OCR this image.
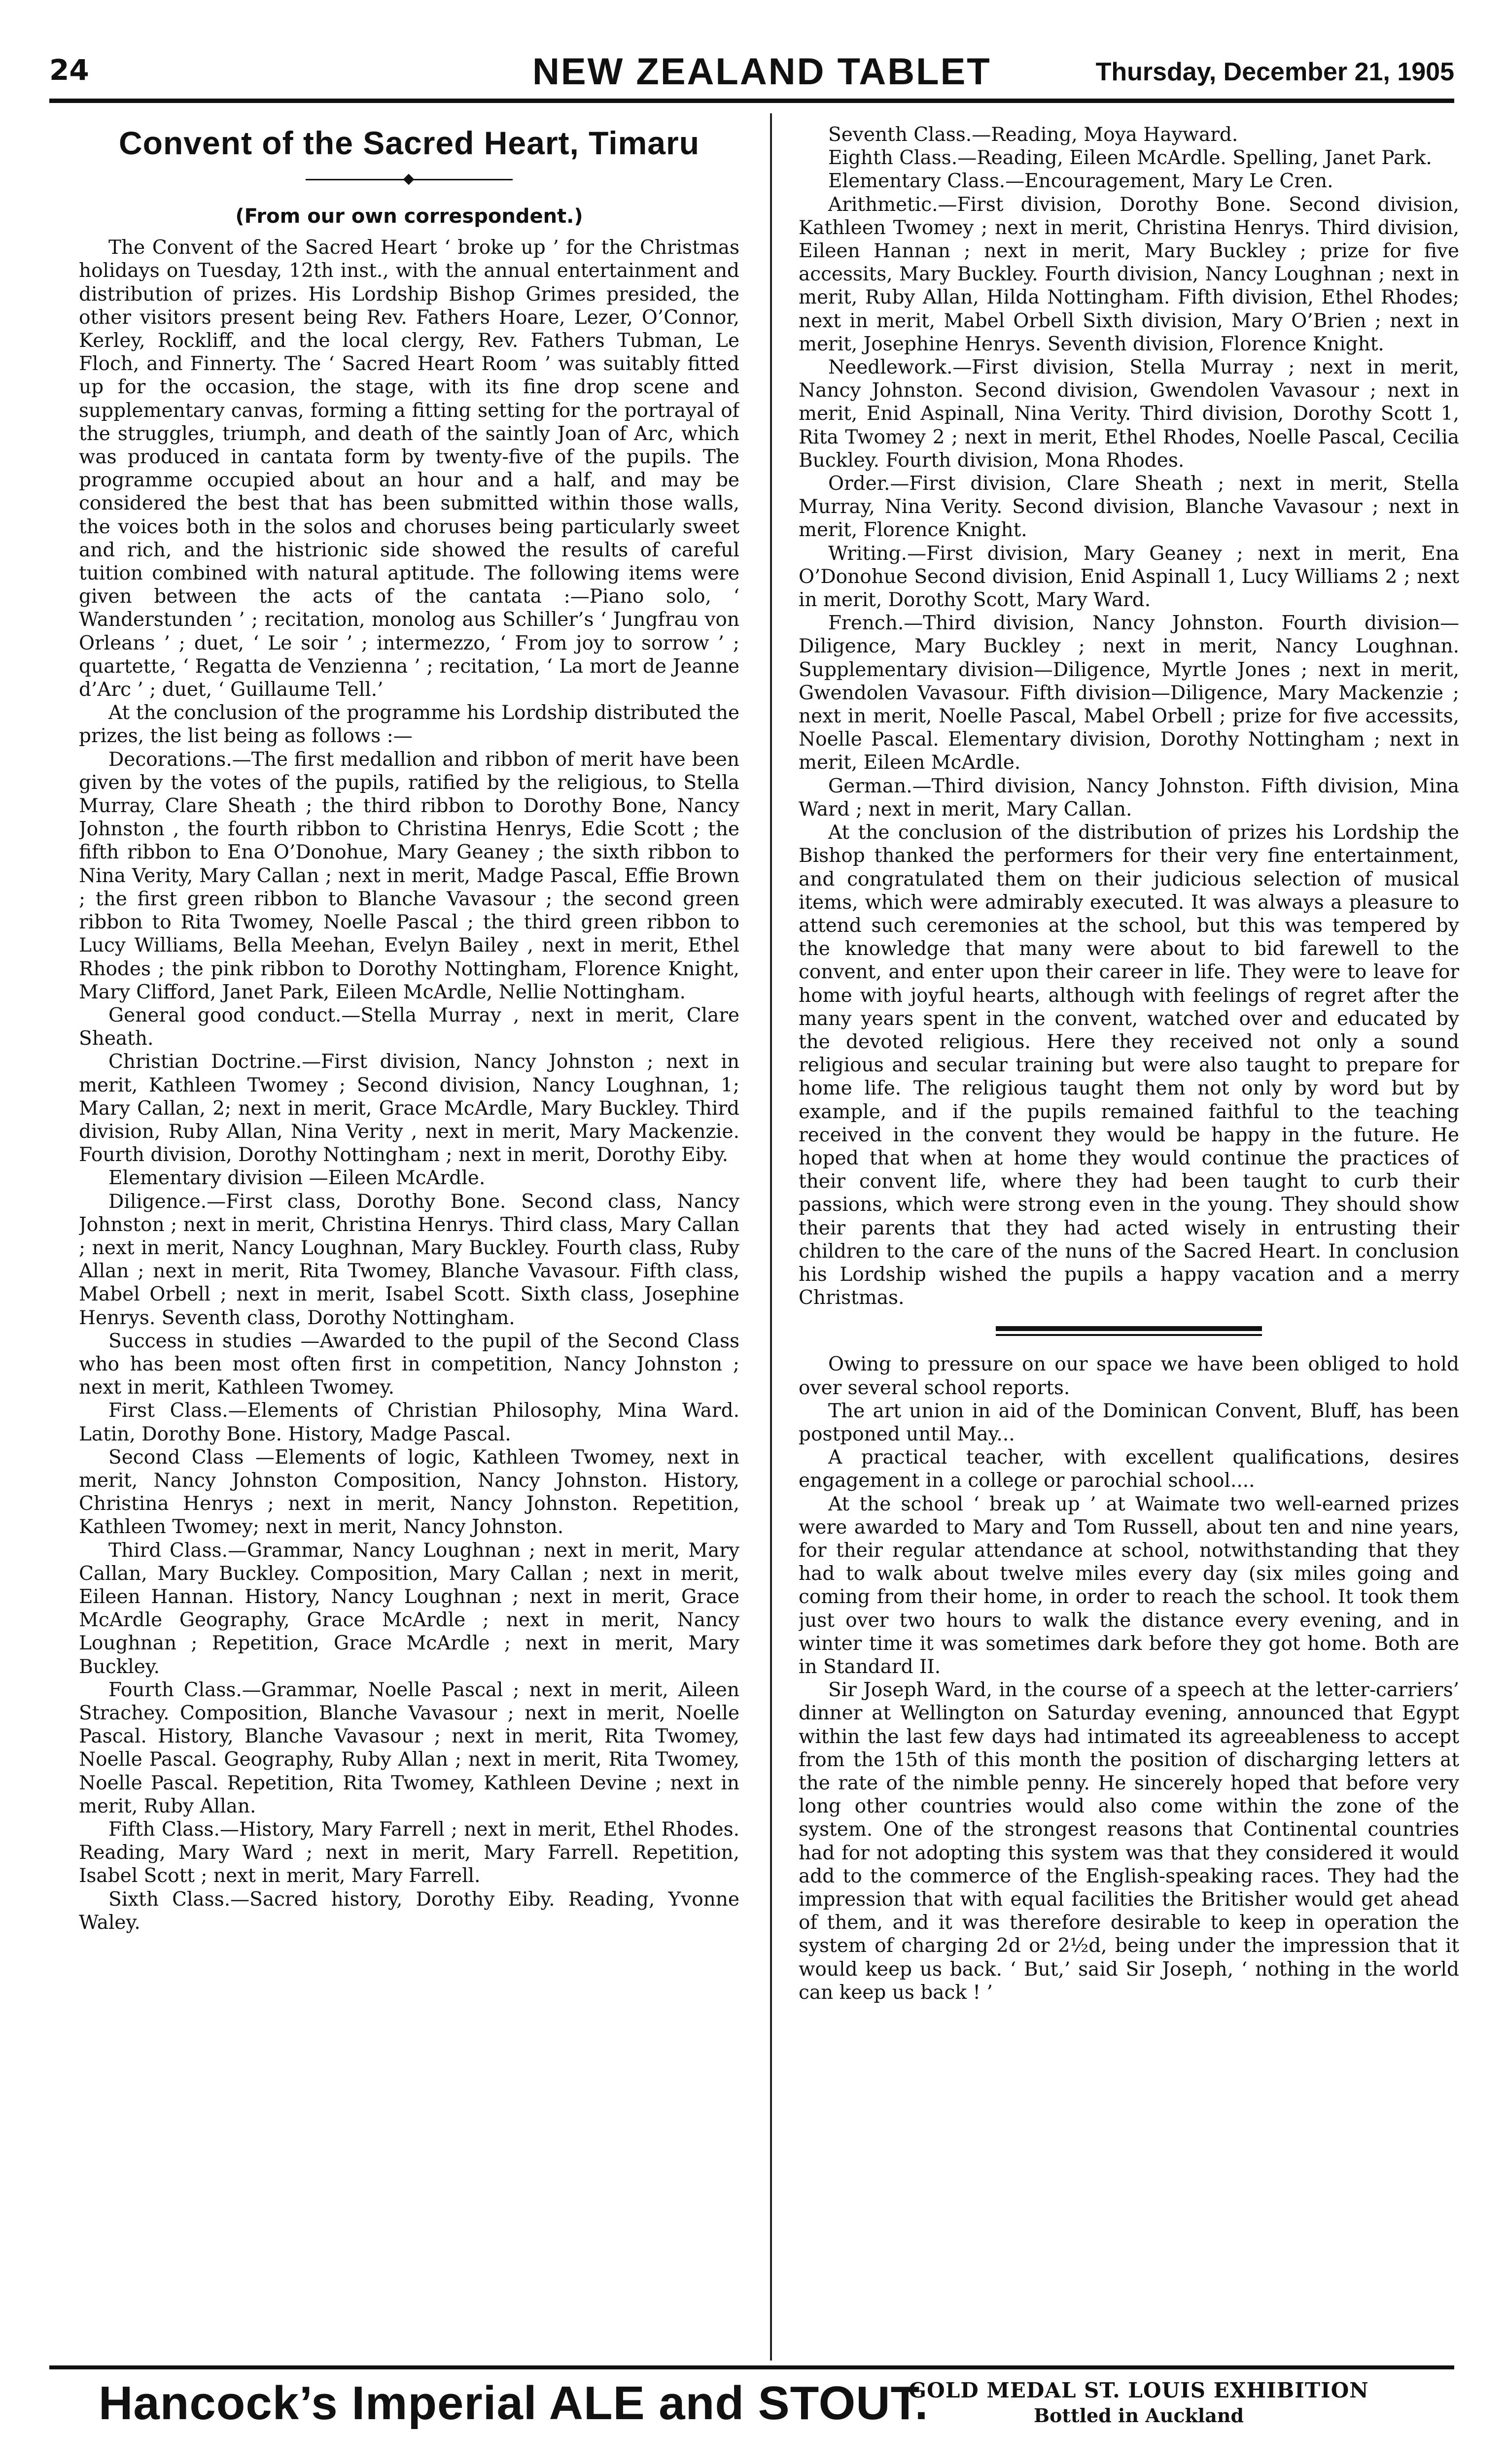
24	NEW ZEALAND TABLET	Thursday, December 21, 1905
Convent of the Sacred Heart, Timaru
(From our own correspondent.)

The Convent of the Sacred Heart ‘ broke up ’ for the Christmas holidays on Tuesday, 12th inst., with the annual entertainment and distribution of prizes. His Lordship Bishop Grimes presided, the other visitors present being Rev. Fathers Hoare, Lezer, O’Connor, Kerley, Rockliff, and the local clergy, Rev. Fathers Tubman, Le Floch, and Finnerty. The ‘ Sacred Heart Room ’ was suitably fitted up for the occasion, the stage, with its fine drop scene and supplementary canvas, forming a fitting setting for the portrayal of the struggles, triumph, and death of the saintly Joan of Arc, which was produced in cantata form by twenty-five of the pupils. The programme occupied about an hour and a half, and may be considered the best that has been submitted within those walls, the voices both in the solos and choruses being particularly sweet and rich, and the histrionic side showed the results of careful tuition combined with natural aptitude. The following items were given between the acts of the cantata :—Piano solo, ‘ Wanderstunden ’ ; recitation, monolog aus Schiller’s ‘ Jungfrau von Orleans ’ ; duet, ‘ Le soir ’ ; intermezzo, ‘ From joy to sorrow ’ ; quartette, ‘ Regatta de Venziennа ’ ; recitation, ‘ La mort de Jeanne d’Arc ’ ; duet, ‘ Guillaume Tell.’

At the conclusion of the programme his Lordship distributed the prizes, the list being as follows :—

Decorations.—The first medallion and ribbon of merit have been given by the votes of the pupils, ratified by the religious, to Stella Murray, Clare Sheath ; the third ribbon to Dorothy Bone, Nancy Johnston , the fourth ribbon to Christina Henrys, Edie Scott ; the fifth ribbon to Ena O’Donohue, Mary Geaney ; the sixth ribbon to Nina Verity, Mary Callan ; next in merit, Madge Pascal, Effie Brown ; the first green ribbon to Blanche Vavasour ; the second green ribbon to Rita Twomey, Noelle Pascal ; the third green ribbon to Lucy Williams, Bella Meehan, Evelyn Bailey , next in merit, Ethel Rhodes ; the pink ribbon to Dorothy Nottingham, Florence Knight, Mary Clifford, Janet Park, Eileen McArdle, Nellie Nottingham.

General good conduct.—Stella Murray , next in merit, Clare Sheath.

Christian Doctrine.—First division, Nancy Johnston ; next in merit, Kathleen Twomey ; Second division, Nancy Loughnan, 1; Mary Callan, 2; next in merit, Grace McArdle, Mary Buckley. Third division, Ruby Allan, Nina Verity , next in merit, Mary Mackenzie. Fourth division, Dorothy Nottingham ; next in merit, Dorothy Eiby.

Elementary division —Eileen McArdle.

Diligence.—First class, Dorothy Bone. Second class, Nancy Johnston ; next in merit, Christina Henrys. Third class, Mary Callan ; next in merit, Nancy Loughnan, Mary Buckley. Fourth class, Ruby Allan ; next in merit, Rita Twomey, Blanche Vavasour. Fifth class, Mabel Orbell ; next in merit, Isabel Scott. Sixth class, Josephine Henrys. Seventh class, Dorothy Nottingham.

Success in studies —Awarded to the pupil of the Second Class who has been most often first in competition, Nancy Johnston ; next in merit, Kathleen Twomey.

First Class.—Elements of Christian Philosophy, Mina Ward. Latin, Dorothy Bone. History, Madge Pascal.

Second Class —Elements of logic, Kathleen Twomey, next in merit, Nancy Johnston Composition, Nancy Johnston. History, Christina Henrys ; next in merit, Nancy Johnston. Repetition, Kathleen Twomey; next in merit, Nancy Johnston.

Third Class.—Grammar, Nancy Loughnan ; next in merit, Mary Callan, Mary Buckley. Composition, Mary Callan ; next in merit, Eileen Hannan. History, Nancy Loughnan ; next in merit, Grace McArdle Geography, Grace McArdle ; next in merit, Nancy Loughnan ; Repetition, Grace McArdle ; next in merit, Mary Buckley.

Fourth Class.—Grammar, Noelle Pascal ; next in merit, Aileen Strachey. Composition, Blanche Vavasour ; next in merit, Noelle Pascal. History, Blanche Vavasour ; next in merit, Rita Twomey, Noelle Pascal. Geography, Ruby Allan ; next in merit, Rita Twomey, Noelle Pascal. Repetition, Rita Twomey, Kathleen Devine ; next in merit, Ruby Allan.

Fifth Class.—History, Mary Farrell ; next in merit, Ethel Rhodes. Reading, Mary Ward ; next in merit, Mary Farrell. Repetition, Isabel Scott ; next in merit, Mary Farrell.

Sixth Class.—Sacred history, Dorothy Eiby. Reading, Yvonne Waley.

Seventh Class.—Reading, Moya Hayward.

Eighth Class.—Reading, Eileen McArdle. Spelling, Janet Park.

Elementary Class.—Encouragement, Mary Le Cren.

Arithmetic.—First division, Dorothy Bone. Second division, Kathleen Twomey ; next in merit, Christina Henrys. Third division, Eileen Hannan ; next in merit, Mary Buckley ; prize for five accessits, Mary Buckley. Fourth division, Nancy Loughnan ; next in merit, Ruby Allan, Hilda Nottingham. Fifth division, Ethel Rhodes; next in merit, Mabel Orbell Sixth division, Mary O’Brien ; next in merit, Josephine Henrys. Seventh division, Florence Knight.

Needlework.—First division, Stella Murray ; next in merit, Nancy Johnston. Second division, Gwendolen Vavasour ; next in merit, Enid Aspinall, Nina Verity. Third division, Dorothy Scott 1, Rita Twomey 2 ; next in merit, Ethel Rhodes, Noelle Pascal, Cecilia Buckley. Fourth division, Mona Rhodes.

Order.—First division, Clare Sheath ; next in merit, Stella Murray, Nina Verity. Second division, Blanche Vavasour ; next in merit, Florence Knight.

Writing.—First division, Mary Geaney ; next in merit, Ena O’Donohue Second division, Enid Aspinall 1, Lucy Williams 2 ; next in merit, Dorothy Scott, Mary Ward.

French.—Third division, Nancy Johnston. Fourth division—Diligence, Mary Buckley ; next in merit, Nancy Loughnan. Supplementary division—Diligence, Myrtle Jones ; next in merit, Gwendolen Vavasour. Fifth division—Diligence, Mary Mackenzie ; next in merit, Noelle Pascal, Mabel Orbell ; prize for five accessits, Noelle Pascal. Elementary division, Dorothy Nottingham ; next in merit, Eileen McArdle.

German.—Third division, Nancy Johnston. Fifth division, Mina Ward ; next in merit, Mary Callan.

At the conclusion of the distribution of prizes his Lordship the Bishop thanked the performers for their very fine entertainment, and congratulated them on their judicious selection of musical items, which were admirably executed. It was always a pleasure to attend such ceremonies at the school, but this was tempered by the knowledge that many were about to bid farewell to the convent, and enter upon their career in life. They were to leave for home with joyful hearts, although with feelings of regret after the many years spent in the convent, watched over and educated by the devoted religious. Here they received not only a sound religious and secular training but were also taught to prepare for home life. The religious taught them not only by word but by example, and if the pupils remained faithful to the teaching received in the convent they would be happy in the future. He hoped that when at home they would continue the practices of their convent life, where they had been taught to curb their passions, which were strong even in the young. They should show their parents that they had acted wisely in entrusting their children to the care of the nuns of the Sacred Heart. In conclusion his Lordship wished the pupils a happy vacation and a merry Christmas.

Owing to pressure on our space we have been obliged to hold over several school reports.

The art union in aid of the Dominican Convent, Bluff, has been postponed until May...

A practical teacher, with excellent qualifications, desires engagement in a college or parochial school....

At the school ‘ break up ’ at Waimate two well-earned prizes were awarded to Mary and Tom Russell, about ten and nine years, for their regular attendance at school, notwithstanding that they had to walk about twelve miles every day (six miles going and coming from their home, in order to reach the school. It took them just over two hours to walk the distance every evening, and in winter time it was sometimes dark before they got home. Both are in Standard II.

Sir Joseph Ward, in the course of a speech at the letter-carriers’ dinner at Wellington on Saturday evening, announced that Egypt within the last few days had intimated its agreeableness to accept from the 15th of this month the position of discharging letters at the rate of the nimble penny. He sincerely hoped that before very long other countries would also come within the zone of the system. One of the strongest reasons that Continental countries had for not adopting this system was that they considered it would add to the commerce of the English-speaking races. They had the impression that with equal facilities the Britisher would get ahead of them, and it was therefore desirable to keep in operation the system of charging 2d or 2½d, being under the impression that it would keep us back. ‘ But,’ said Sir Joseph, ‘ nothing in the world can keep us back ! ’

Hancock’s Imperial ALE and STOUT.
GOLD MEDAL ST. LOUIS EXHIBITION
Bottled in Auckland
